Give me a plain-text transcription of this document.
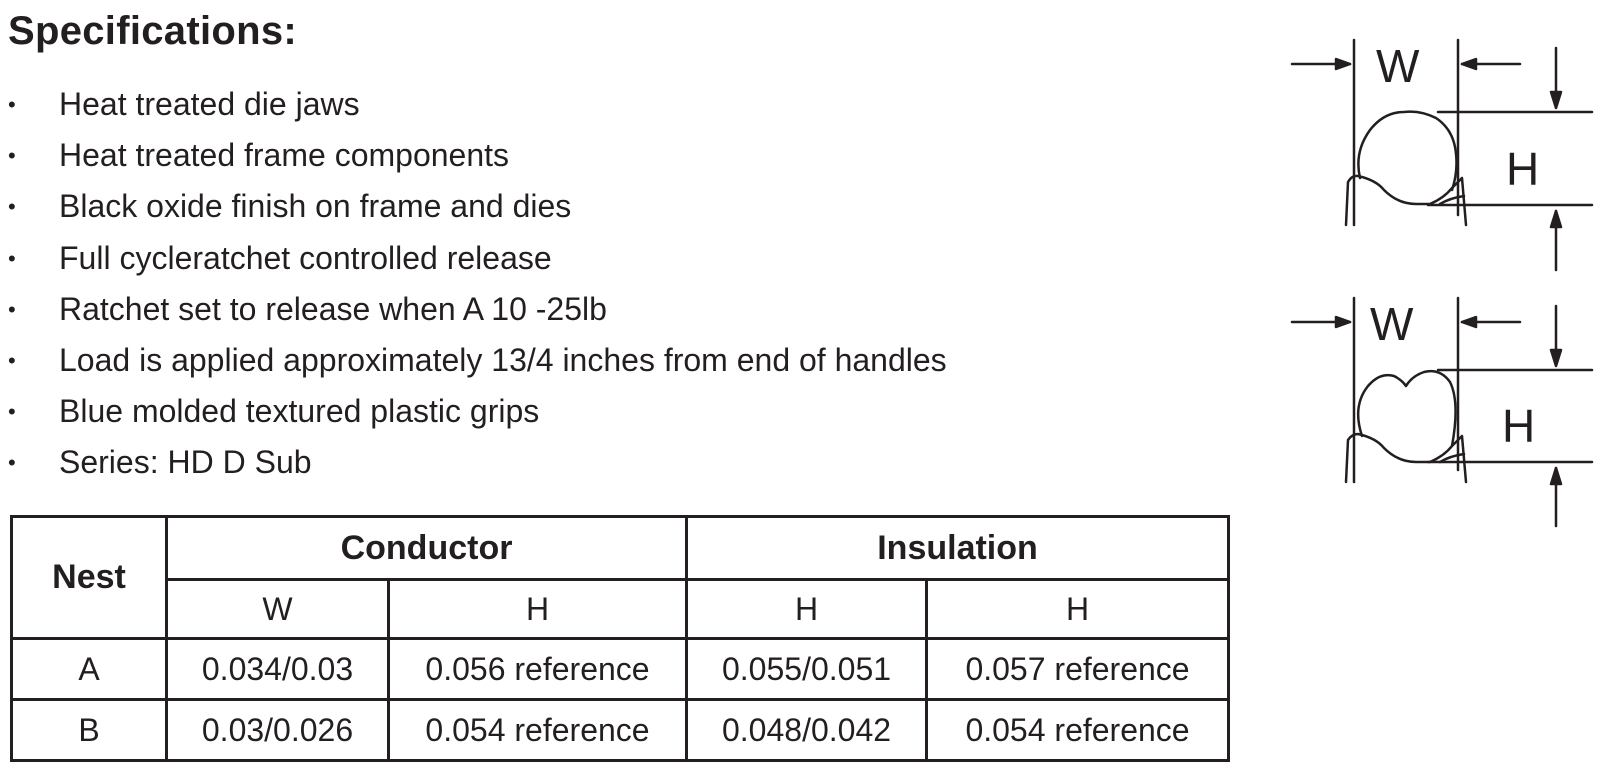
Specifications:
• Heat treated die jaws
• Heat treated frame components
• Black oxide finish on frame and dies
• Full cycleratchet controlled release
• Ratchet set to release when A 10 -25lb
• Load is applied approximately 13/4 inches from end of handles
• Blue molded textured plastic grips
• Series: HD D Sub
Nest	Conductor		Insulation	
	W	H	H	H
A	0.034/0.03	0.056 reference	0.055/0.051	0.057 reference
B	0.03/0.026	0.054 reference	0.048/0.042	0.054 reference
W
H
W
H
